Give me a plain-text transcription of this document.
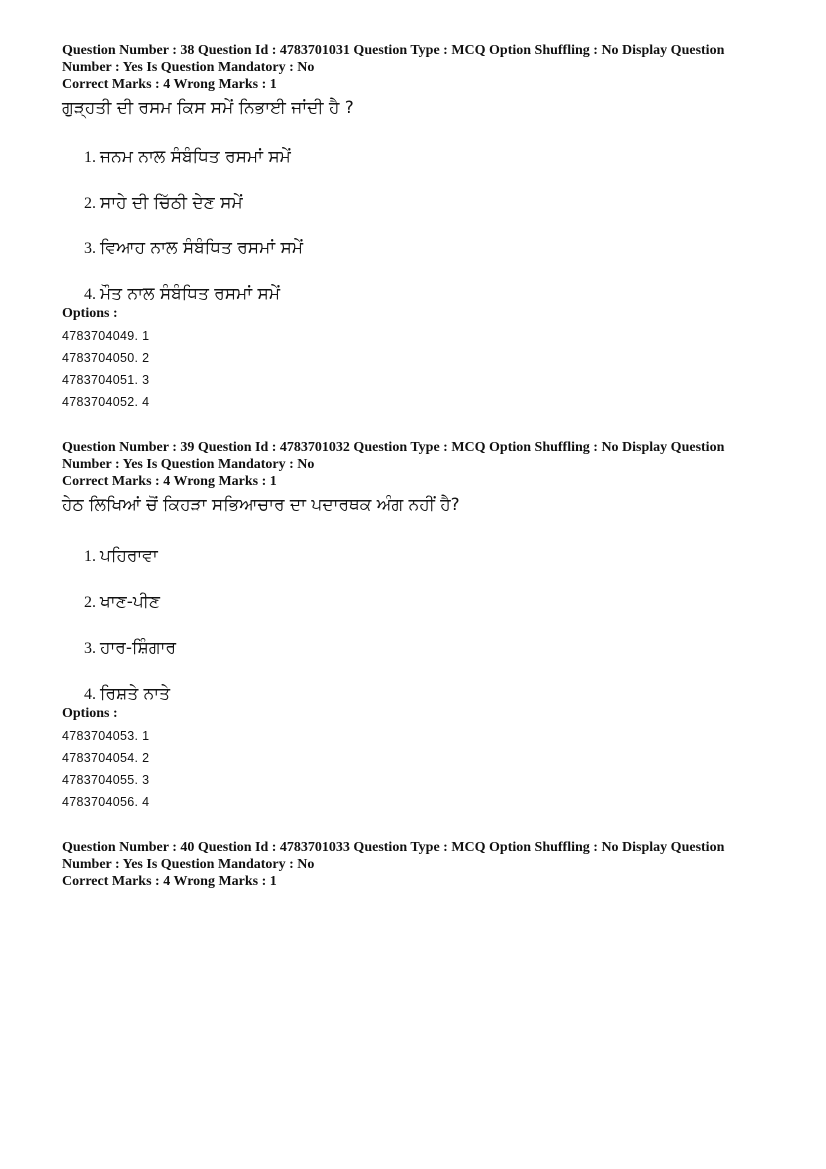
Question Number : 38 Question Id : 4783701031 Question Type : MCQ Option Shuffling : No Display Question
Number : Yes Is Question Mandatory : No
Correct Marks : 4 Wrong Marks : 1
ਗੁੜ੍ਹਤੀ ਦੀ ਰਸਮ ਕਿਸ ਸਮੇਂ ਨਿਭਾਈ ਜਾਂਦੀ ਹੈ ?
1. ਜਨਮ ਨਾਲ ਸੰਬੰਧਿਤ ਰਸਮਾਂ ਸਮੇਂ
2. ਸਾਹੇ ਦੀ ਚਿੱਠੀ ਦੇਣ ਸਮੇਂ
3. ਵਿਆਹ ਨਾਲ ਸੰਬੰਧਿਤ ਰਸਮਾਂ ਸਮੇਂ
4. ਮੌਤ ਨਾਲ ਸੰਬੰਧਿਤ ਰਸਮਾਂ ਸਮੇਂ
Options :
4783704049. 1
4783704050. 2
4783704051. 3
4783704052. 4
Question Number : 39 Question Id : 4783701032 Question Type : MCQ Option Shuffling : No Display Question
Number : Yes Is Question Mandatory : No
Correct Marks : 4 Wrong Marks : 1
ਹੇਠ ਲਿਖਿਆਂ ਚੋਂ ਕਿਹੜਾ ਸਭਿਆਚਾਰ ਦਾ ਪਦਾਰਥਕ ਅੰਗ ਨਹੀਂ ਹੈ?
1. ਪਹਿਰਾਵਾ
2. ਖਾਣ-ਪੀਣ
3. ਹਾਰ-ਸ਼ਿੰਗਾਰ
4. ਰਿਸ਼ਤੇ ਨਾਤੇ
Options :
4783704053. 1
4783704054. 2
4783704055. 3
4783704056. 4
Question Number : 40 Question Id : 4783701033 Question Type : MCQ Option Shuffling : No Display Question
Number : Yes Is Question Mandatory : No
Correct Marks : 4 Wrong Marks : 1
